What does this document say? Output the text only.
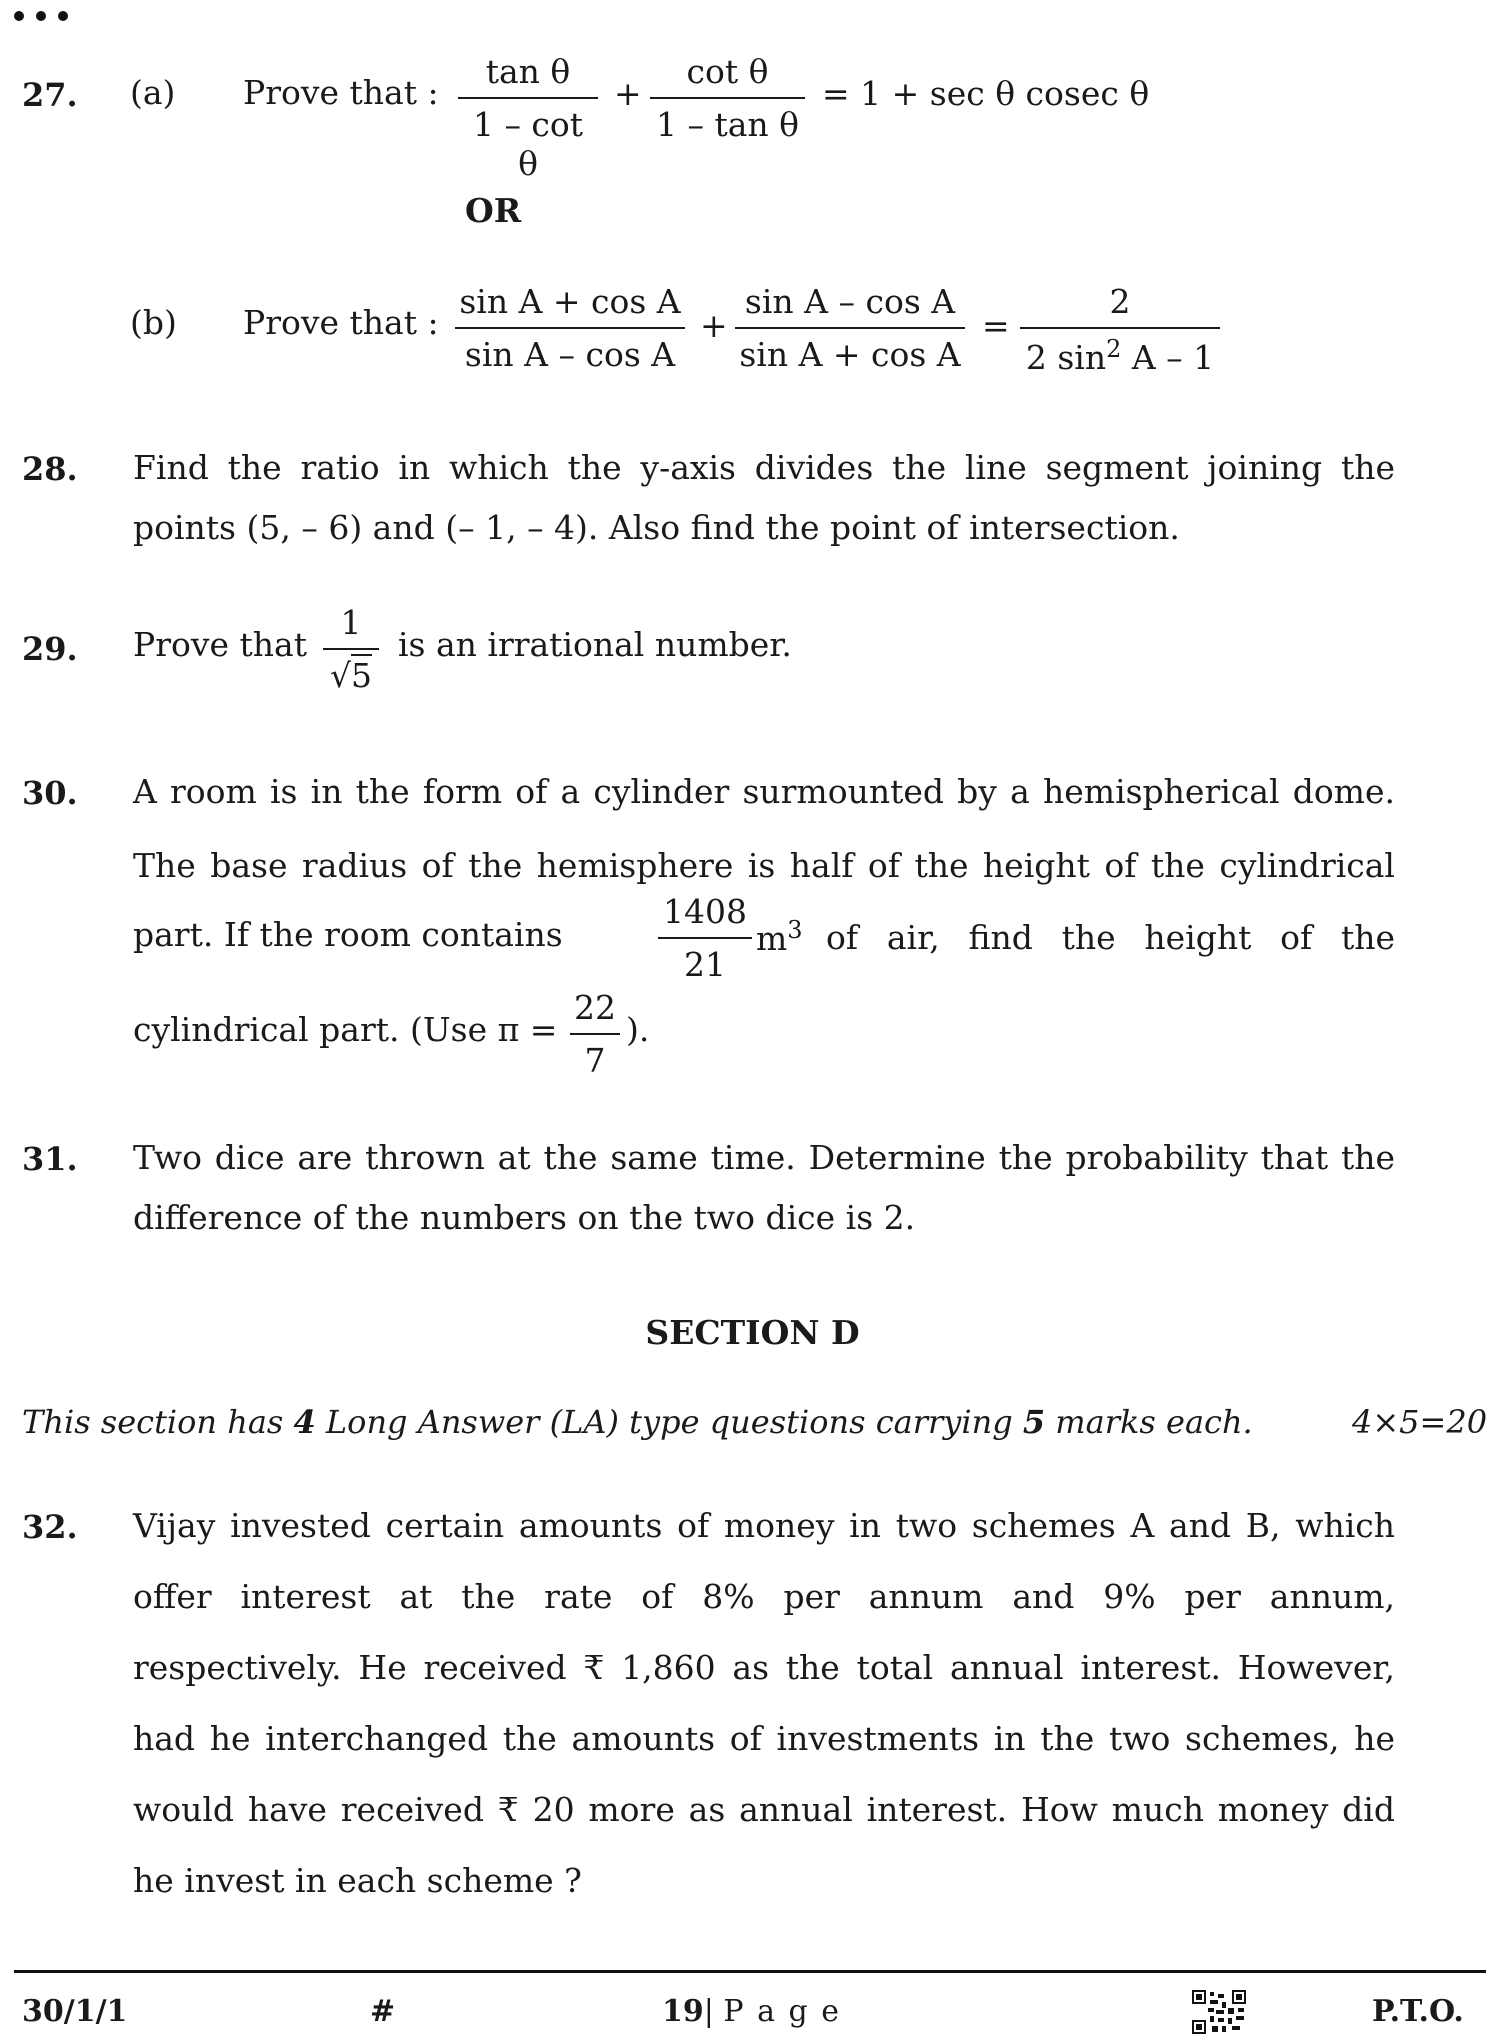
27. (a) Prove that :
tan θ
1 – cot θ
+
cot θ
1 – tan θ
= 1 + sec θ cosec θ
OR
(b) Prove that :
sin A + cos A
sin A – cos A
+
sin A – cos A
sin A + cos A
=
2
2 $\sin^2 A - 1$
28. Find the ratio in which the y-axis divides the line segment joining the
points (5, – 6) and (– 1, – 4). Also find the point of intersection.
29. Prove that
1
√5
is an irrational number.
30. A room is in the form of a cylinder surmounted by a hemispherical dome.
The base radius of the hemisphere is half of the height of the cylindrical
part. If the room contains
1408
21
$m^3$ of air, find the height of the
cylindrical part. (Use π =
22
7
).
31. Two dice are thrown at the same time. Determine the probability that the
difference of the numbers on the two dice is 2.
SECTION D
This section has 4 Long Answer (LA) type questions carrying 5 marks each.	4×5=20
32. Vijay invested certain amounts of money in two schemes A and B, which
offer interest at the rate of 8% per annum and 9% per annum,
respectively. He received ₹ 1,860 as the total annual interest. However,
had he interchanged the amounts of investments in the two schemes, he
would have received ₹ 20 more as annual interest. How much money did
he invest in each scheme ?
30/1/1	#	19| P a g e	P.T.O.
